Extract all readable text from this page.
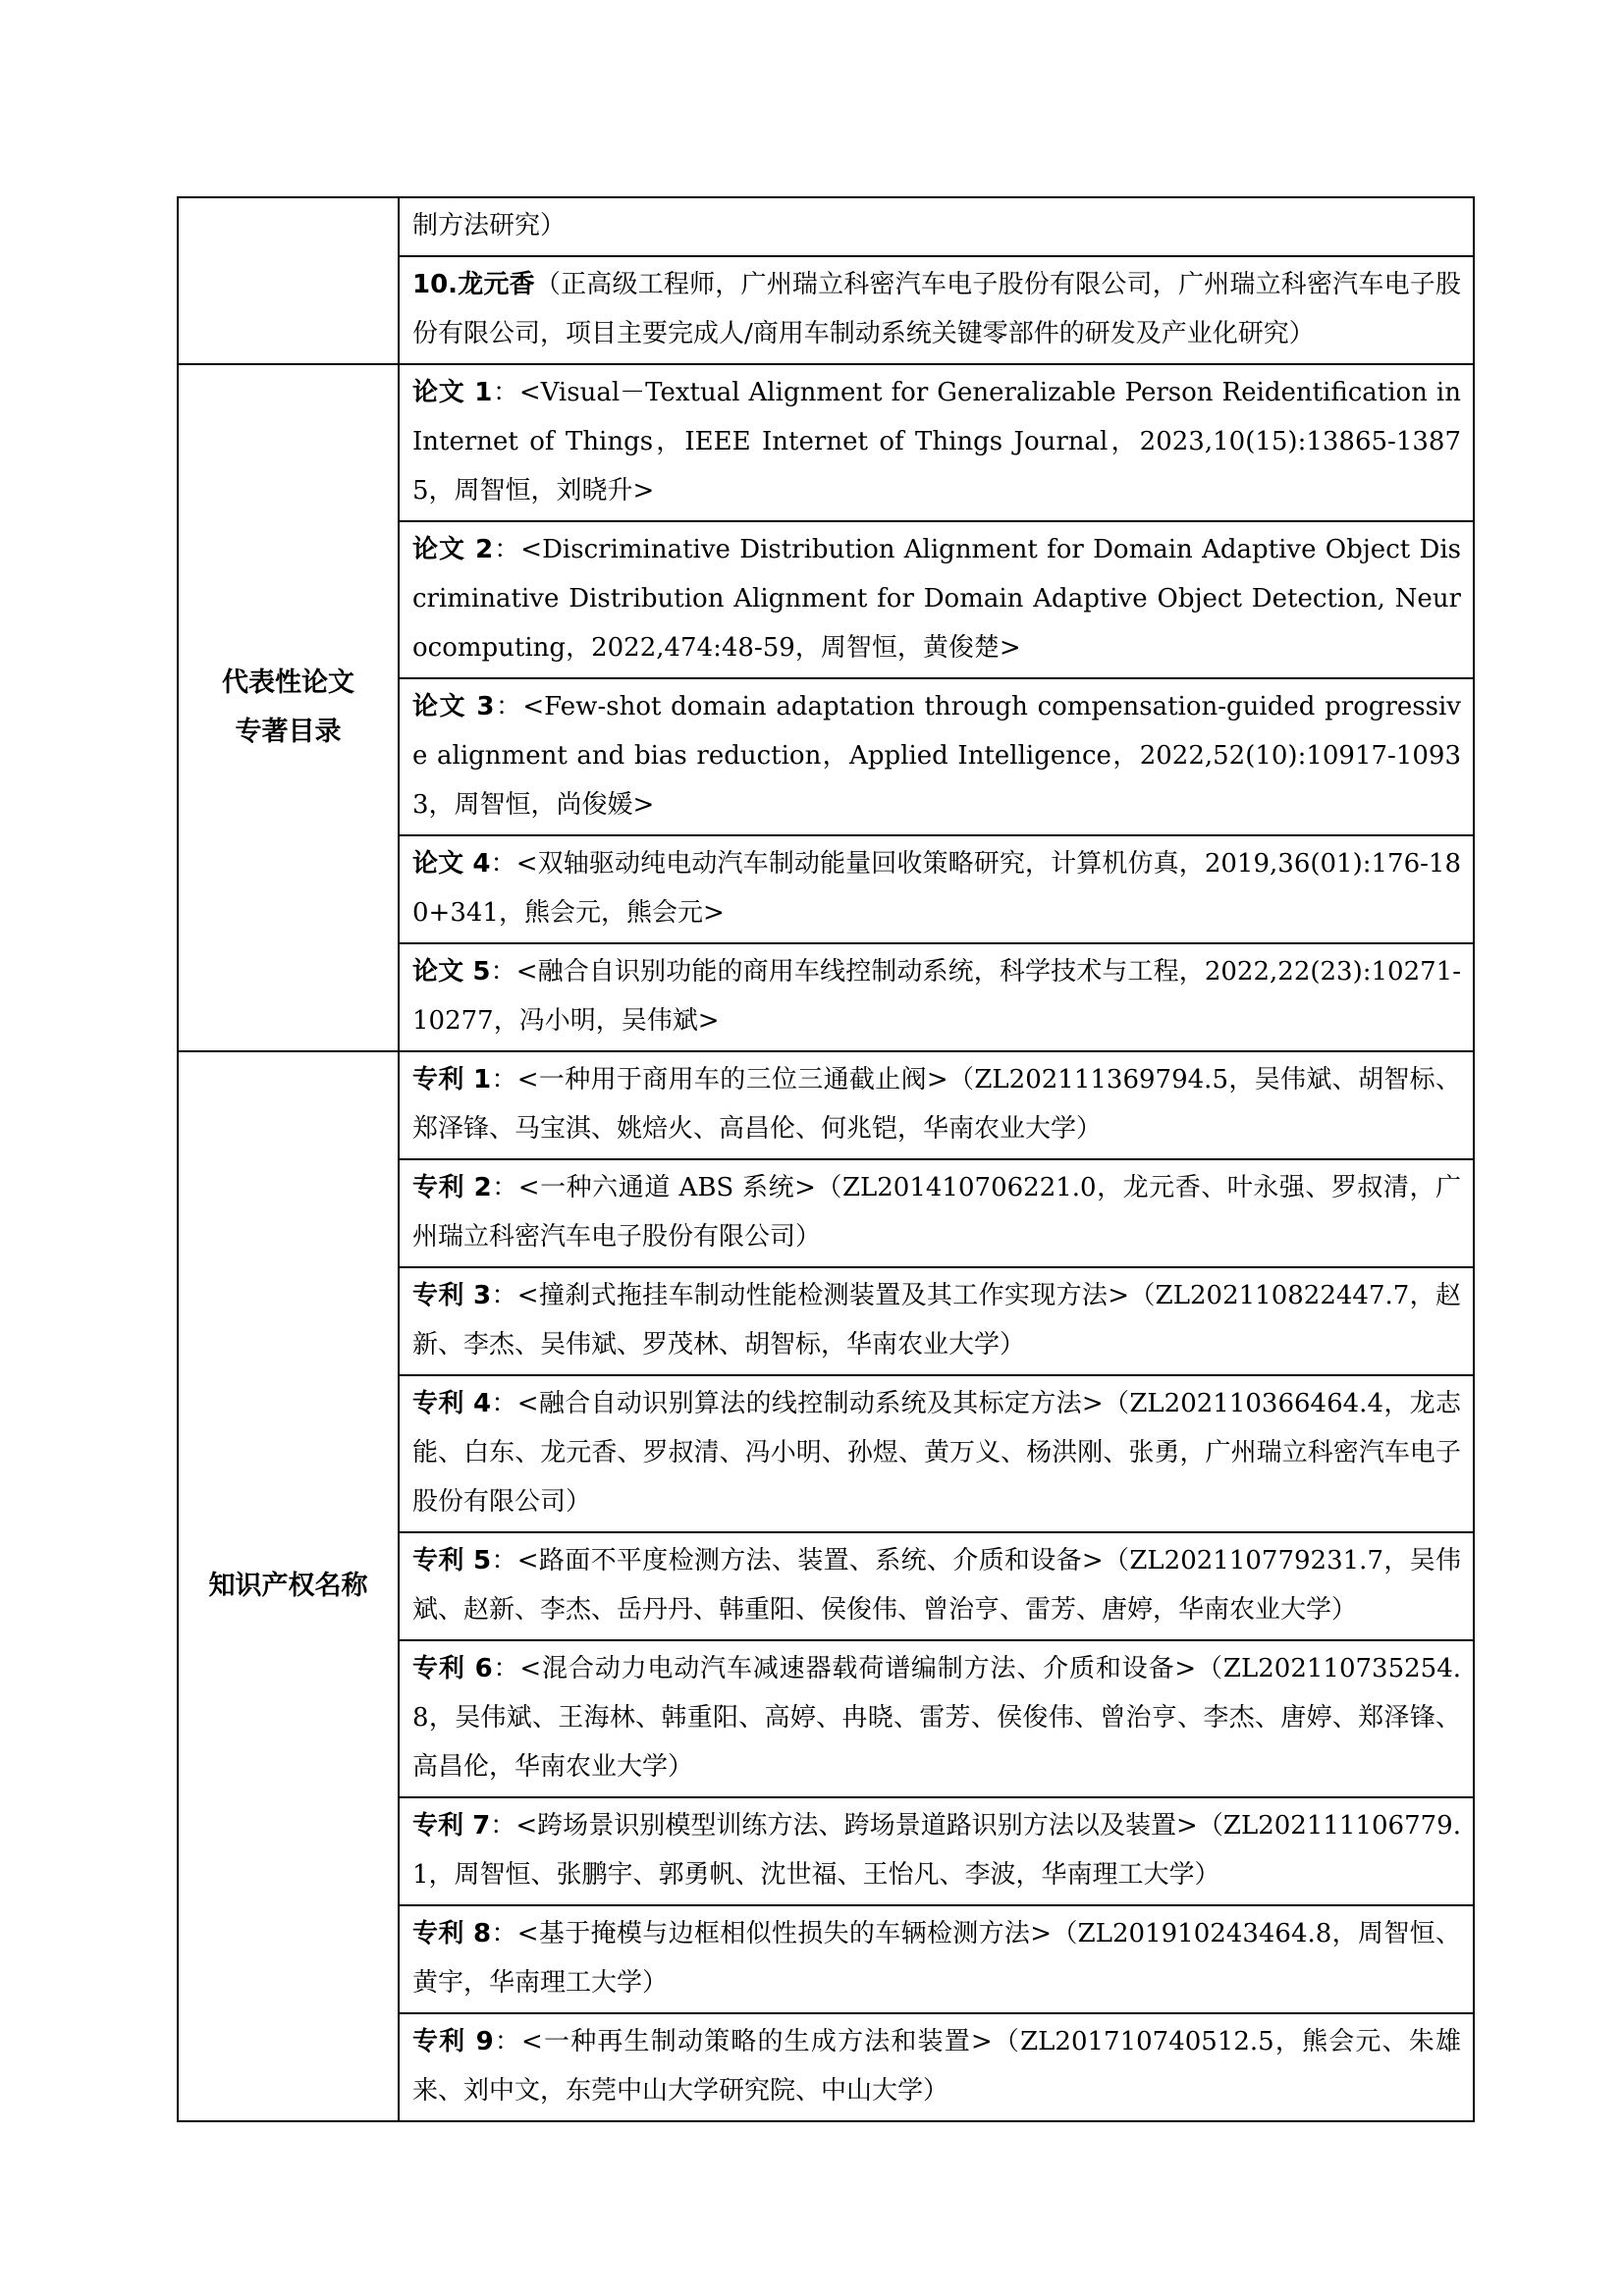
	制方法研究）
	10.龙元香（正高级工程师，广州瑞立科密汽车电子股份有限公司，广州瑞立科密汽车电子股份有限公司，项目主要完成人/商用车制动系统关键零部件的研发及产业化研究）

代表性论文
专著目录	论文 1：<Visual－Textual Alignment for Generalizable Person Reidentification in Internet of Things，IEEE Internet of Things Journal，2023,10(15):13865-13875，周智恒，刘晓升>
	论文 2：<Discriminative Distribution Alignment for Domain Adaptive Object Discriminative Distribution Alignment for Domain Adaptive Object Detection, Neurocomputing，2022,474:48-59，周智恒，黄俊楚>
	论文 3：<Few-shot domain adaptation through compensation-guided progressive alignment and bias reduction，Applied Intelligence，2022,52(10):10917-10933，周智恒，尚俊媛>
	论文 4：<双轴驱动纯电动汽车制动能量回收策略研究，计算机仿真，2019,36(01):176-180+341，熊会元，熊会元>
	论文 5：<融合自识别功能的商用车线控制动系统，科学技术与工程，2022,22(23):10271-10277，冯小明，吴伟斌>

知识产权名称	专利 1：<一种用于商用车的三位三通截止阀>（ZL202111369794.5，吴伟斌、胡智标、郑泽锋、马宝淇、姚焙火、高昌伦、何兆铠，华南农业大学）
	专利 2：<一种六通道 ABS 系统>（ZL201410706221.0，龙元香、叶永强、罗叔清，广州瑞立科密汽车电子股份有限公司）
	专利 3：<撞刹式拖挂车制动性能检测装置及其工作实现方法>（ZL202110822447.7，赵新、李杰、吴伟斌、罗茂林、胡智标，华南农业大学）
	专利 4：<融合自动识别算法的线控制动系统及其标定方法>（ZL202110366464.4，龙志能、白东、龙元香、罗叔清、冯小明、孙煜、黄万义、杨洪刚、张勇，广州瑞立科密汽车电子股份有限公司）
	专利 5：<路面不平度检测方法、装置、系统、介质和设备>（ZL202110779231.7，吴伟斌、赵新、李杰、岳丹丹、韩重阳、侯俊伟、曾治亨、雷芳、唐婷，华南农业大学）
	专利 6：<混合动力电动汽车减速器载荷谱编制方法、介质和设备>（ZL202110735254.8，吴伟斌、王海林、韩重阳、高婷、冉晓、雷芳、侯俊伟、曾治亨、李杰、唐婷、郑泽锋、高昌伦，华南农业大学）
	专利 7：<跨场景识别模型训练方法、跨场景道路识别方法以及装置>（ZL202111106779.1，周智恒、张鹏宇、郭勇帆、沈世福、王怡凡、李波，华南理工大学）
	专利 8：<基于掩模与边框相似性损失的车辆检测方法>（ZL201910243464.8，周智恒、黄宇，华南理工大学）
	专利 9：<一种再生制动策略的生成方法和装置>（ZL201710740512.5，熊会元、朱雄来、刘中文，东莞中山大学研究院、中山大学）
